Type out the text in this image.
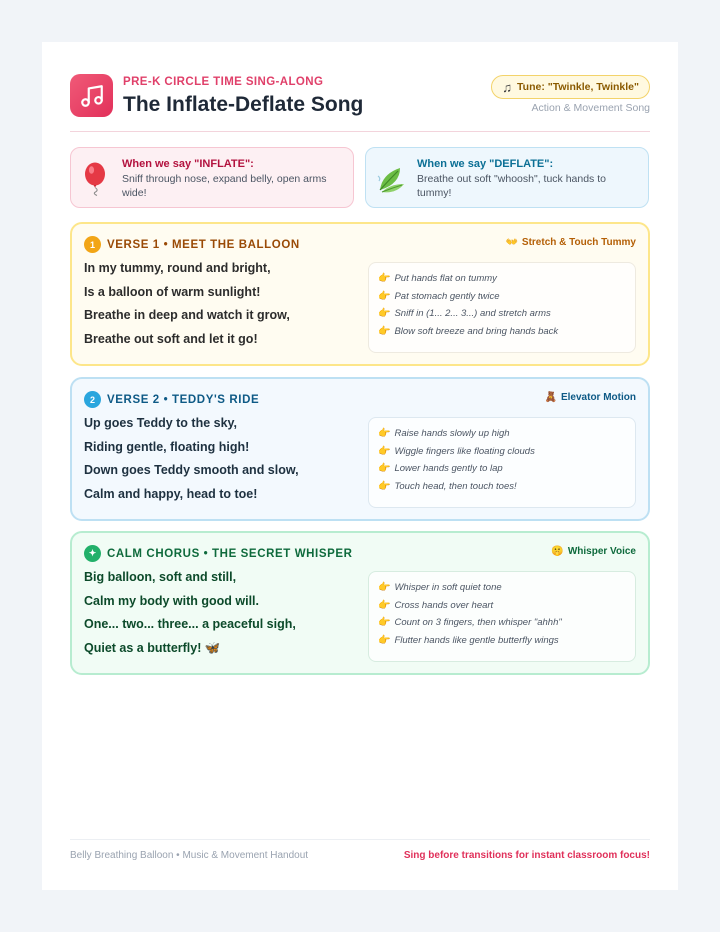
PRE-K CIRCLE TIME SING-ALONG
The Inflate-Deflate Song
♫ Tune: "Twinkle, Twinkle"
Action & Movement Song
When we say "INFLATE":
Sniff through nose, expand belly, open arms wide!
When we say "DEFLATE":
Breathe out soft "whoosh", tuck hands to tummy!
1	VERSE 1 • MEET THE BALLOON	👐 Stretch & Touch Tummy
In my tummy, round and bright,
Is a balloon of warm sunlight!
Breathe in deep and watch it grow,
Breathe out soft and let it go!
👉 Put hands flat on tummy
👉 Pat stomach gently twice
👉 Sniff in (1... 2... 3...) and stretch arms
👉 Blow soft breeze and bring hands back
2	VERSE 2 • TEDDY'S RIDE	🧸 Elevator Motion
Up goes Teddy to the sky,
Riding gentle, floating high!
Down goes Teddy smooth and slow,
Calm and happy, head to toe!
👉 Raise hands slowly up high
👉 Wiggle fingers like floating clouds
👉 Lower hands gently to lap
👉 Touch head, then touch toes!
✦ CALM CHORUS • THE SECRET WHISPER	🤫 Whisper Voice
Big balloon, soft and still,
Calm my body with good will.
One... two... three... a peaceful sigh,
Quiet as a butterfly! 🦋
👉 Whisper in soft quiet tone
👉 Cross hands over heart
👉 Count on 3 fingers, then whisper "ahhh"
👉 Flutter hands like gentle butterfly wings
Belly Breathing Balloon • Music & Movement Handout	Sing before transitions for instant classroom focus!
